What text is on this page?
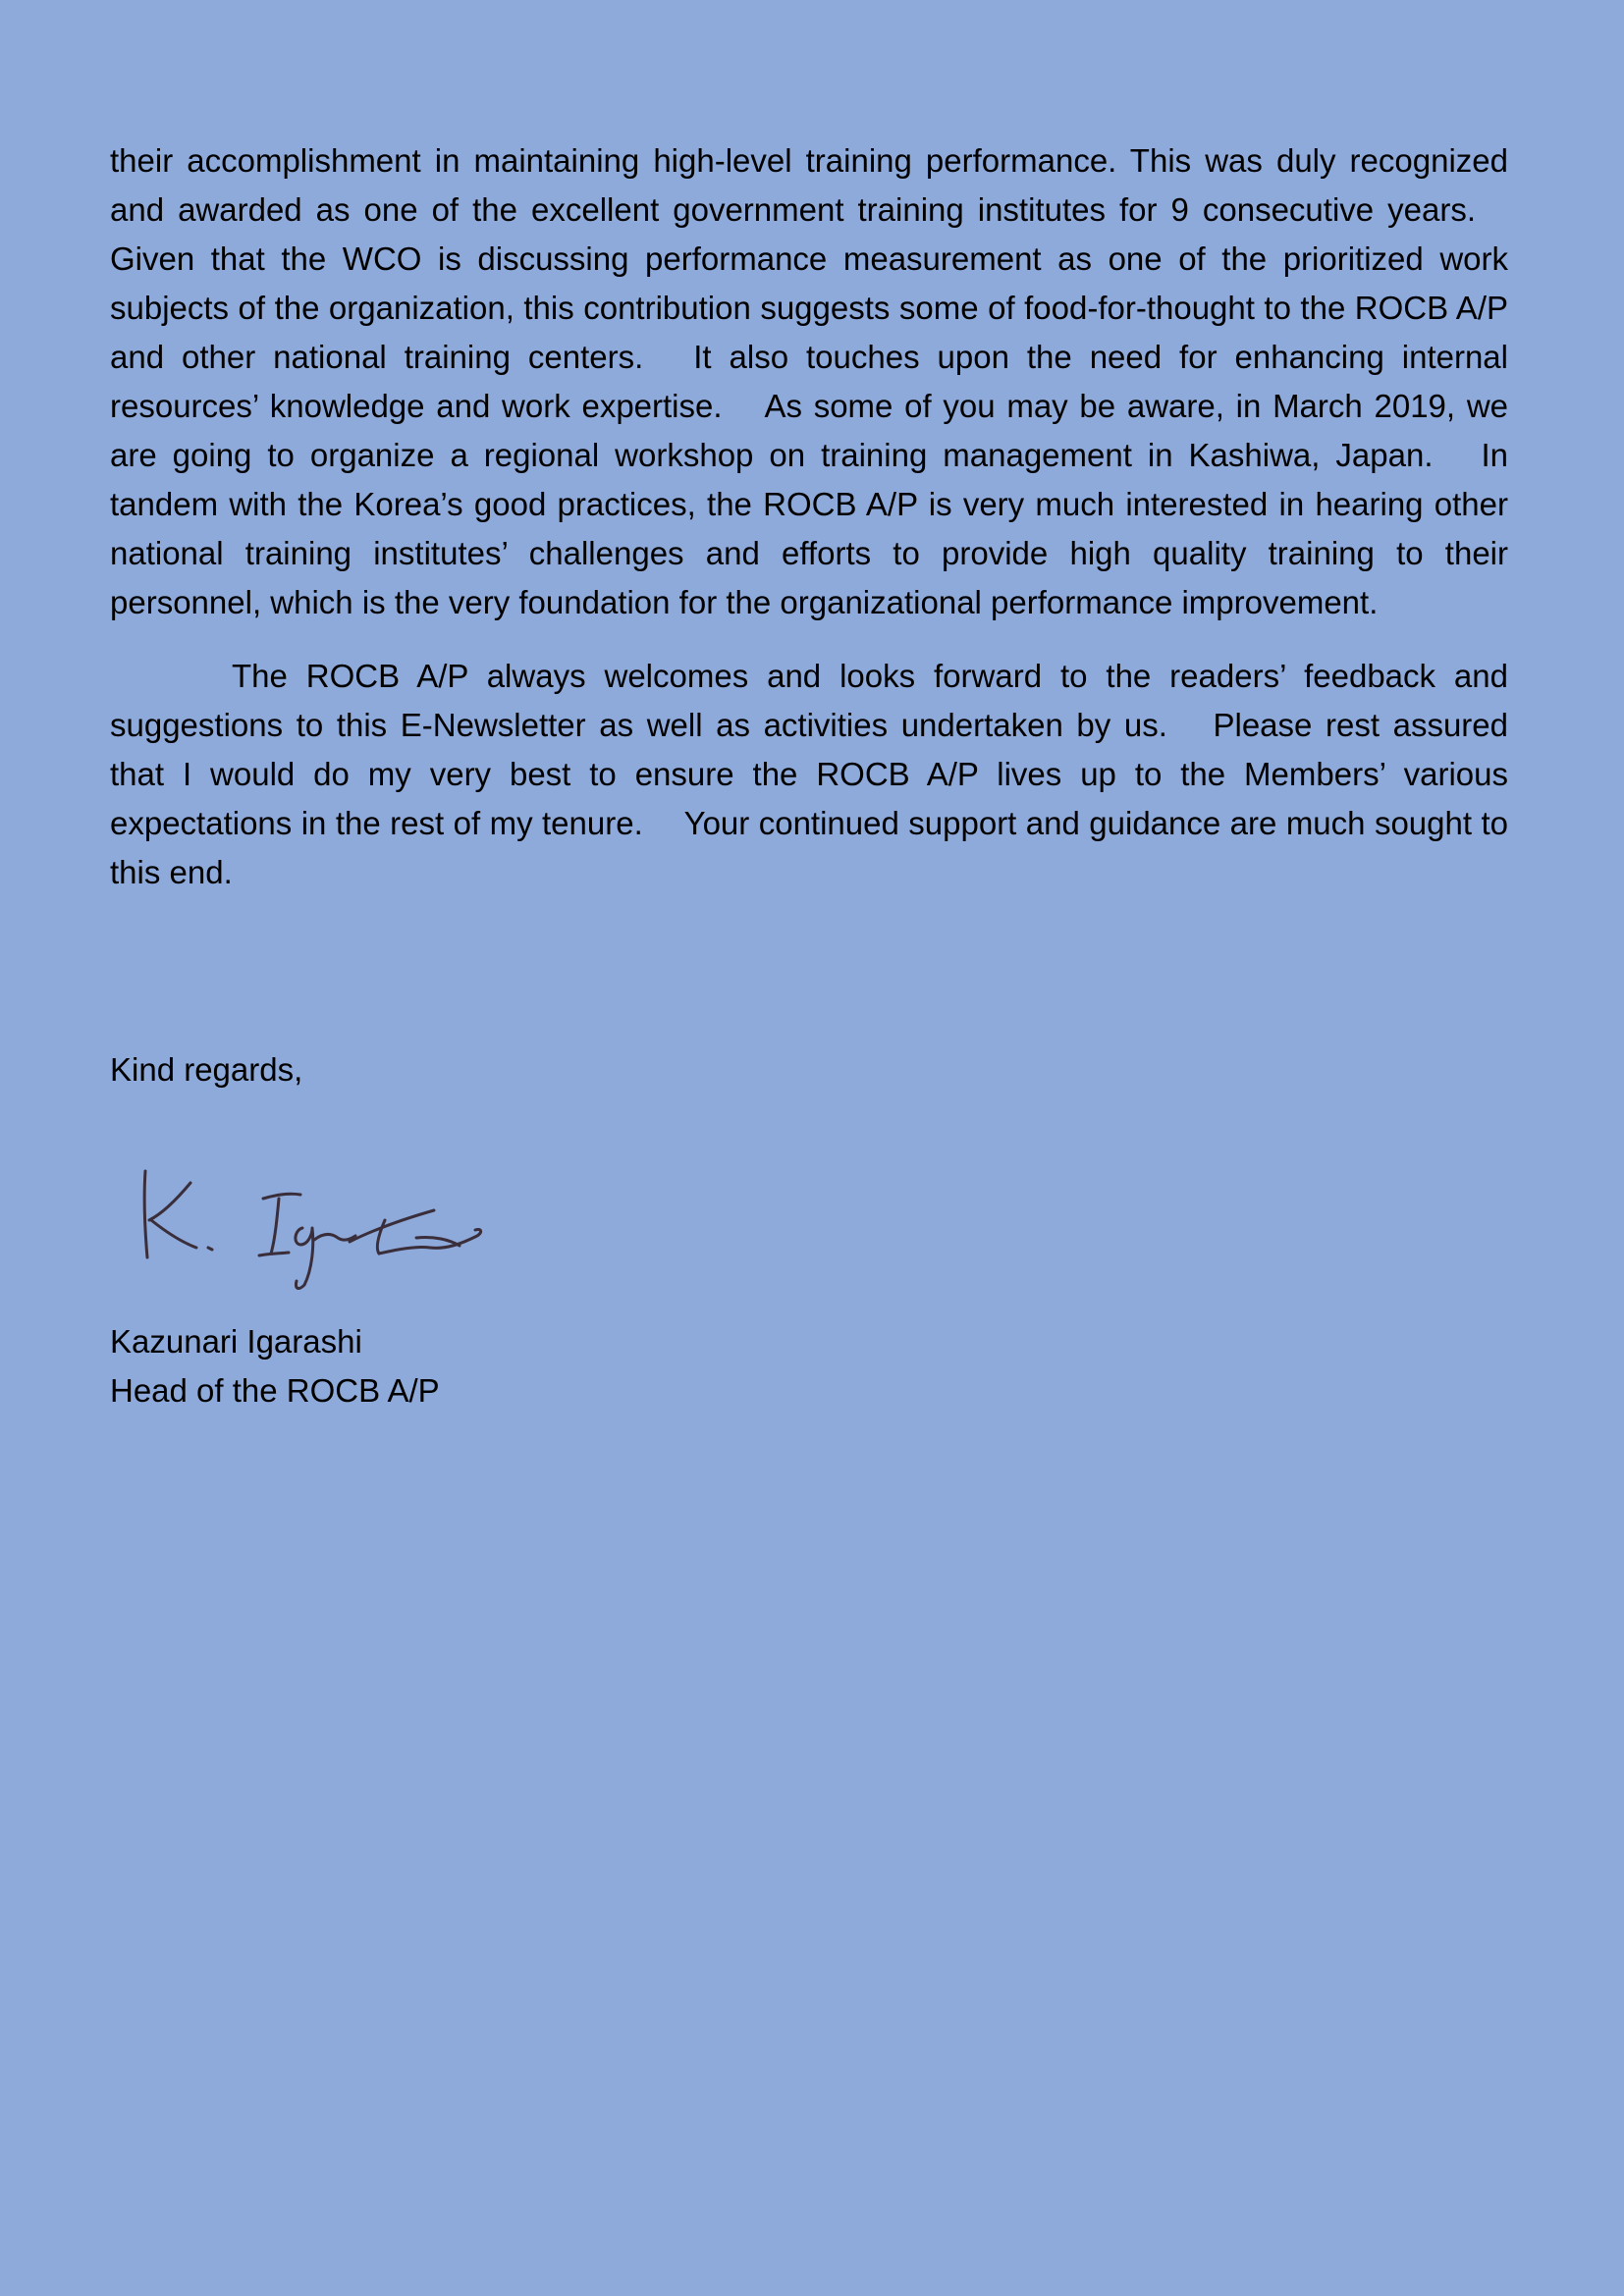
their accomplishment in maintaining high-level training performance. This was duly recognized and awarded as one of the excellent government training institutes for 9 consecutive years.  Given that the WCO is discussing performance measurement as one of the prioritized work subjects of the organization, this contribution suggests some of food-for-thought to the ROCB A/P and other national training centers.  It also touches upon the need for enhancing internal resources’ knowledge and work expertise.  As some of you may be aware, in March 2019, we are going to organize a regional workshop on training management in Kashiwa, Japan.  In tandem with the Korea’s good practices, the ROCB A/P is very much interested in hearing other national training institutes’ challenges and efforts to provide high quality training to their personnel, which is the very foundation for the organizational performance improvement.

The ROCB A/P always welcomes and looks forward to the readers’ feedback and suggestions to this E-Newsletter as well as activities undertaken by us.  Please rest assured that I would do my very best to ensure the ROCB A/P lives up to the Members’ various expectations in the rest of my tenure.  Your continued support and guidance are much sought to this end.

Kind regards,

Kazunari Igarashi
Head of the ROCB A/P
